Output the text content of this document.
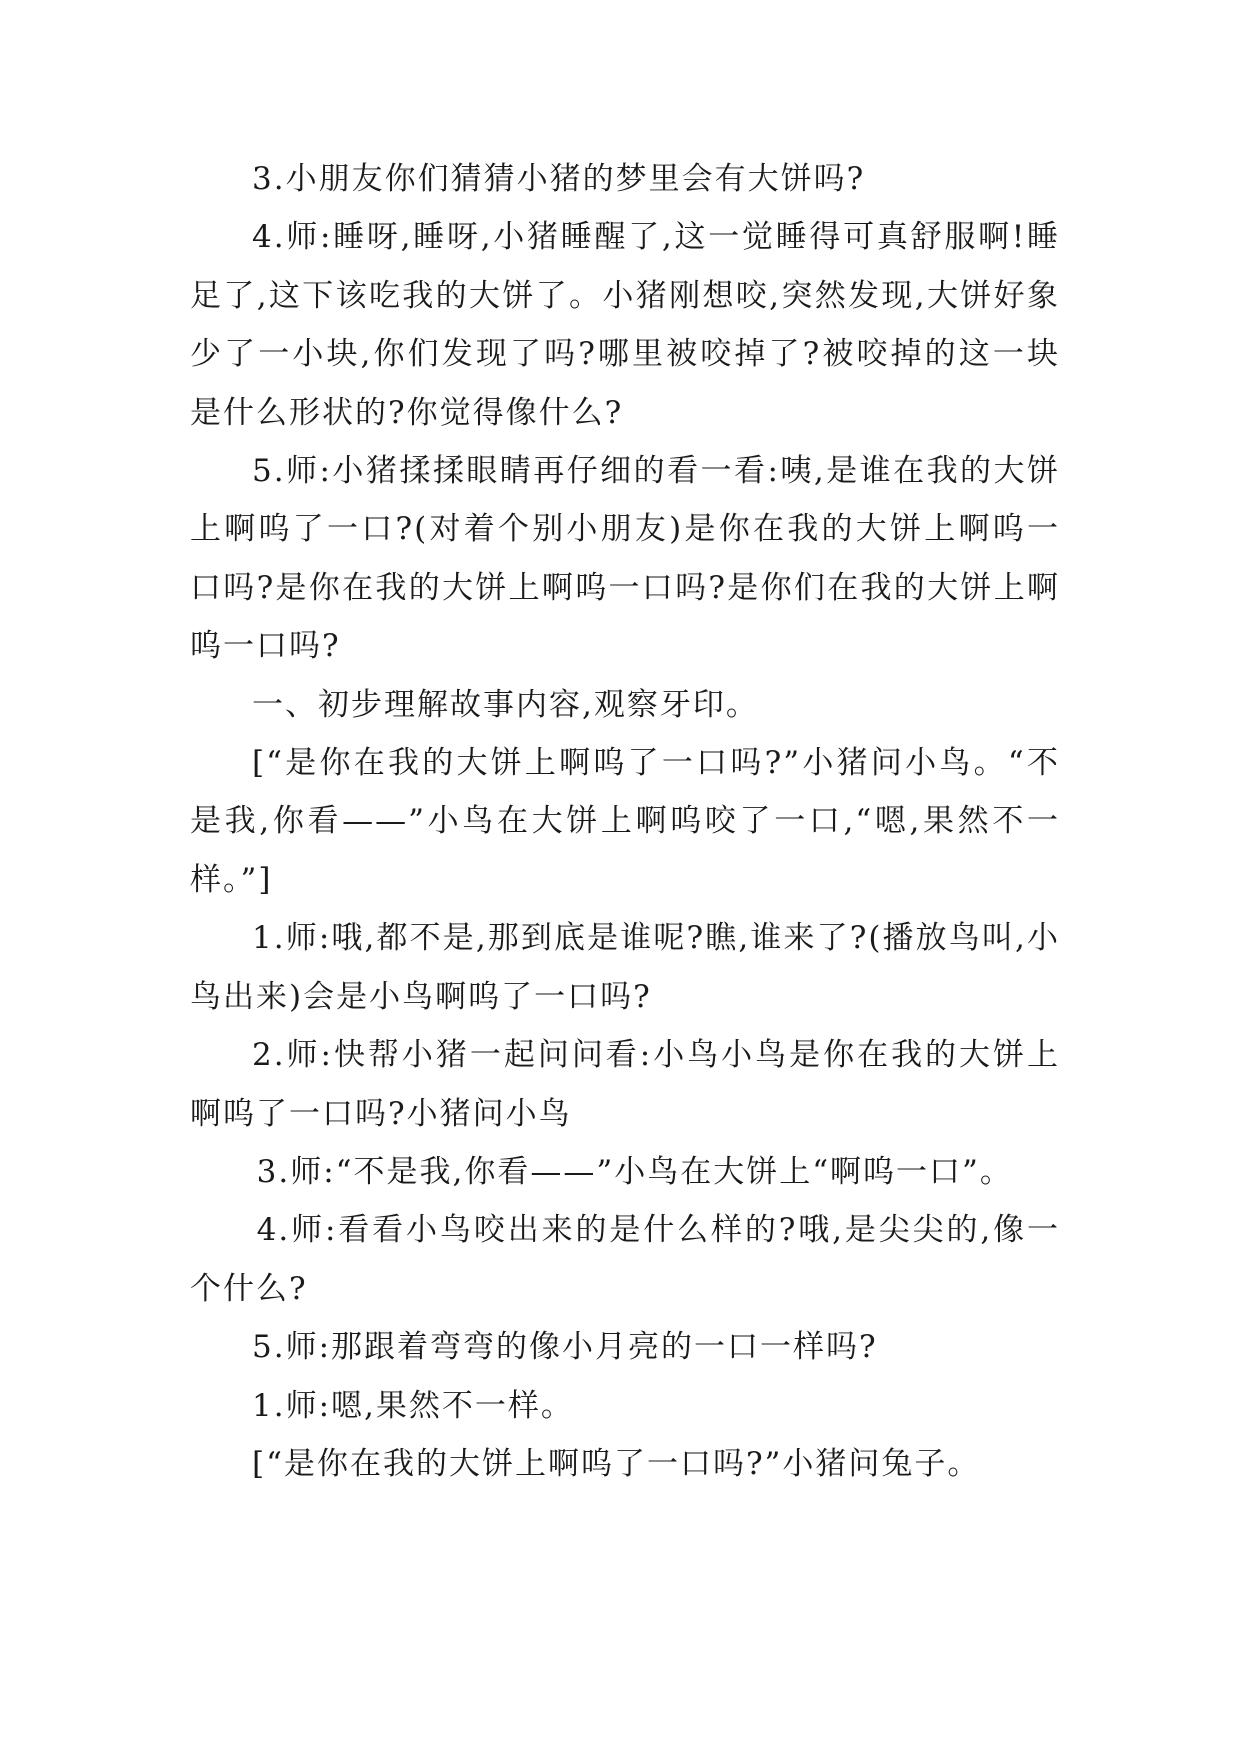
3.小朋友你们猜猜小猪的梦里会有大饼吗?

4.师:睡呀,睡呀,小猪睡醒了,这一觉睡得可真舒服啊!睡足了,这下该吃我的大饼了。小猪刚想咬,突然发现,大饼好象少了一小块,你们发现了吗?哪里被咬掉了?被咬掉的这一块是什么形状的?你觉得像什么?

5.师:小猪揉揉眼睛再仔细的看一看:咦,是谁在我的大饼上啊呜了一口?(对着个别小朋友)是你在我的大饼上啊呜一口吗?是你在我的大饼上啊呜一口吗?是你们在我的大饼上啊呜一口吗?

一、初步理解故事内容,观察牙印。

[“是你在我的大饼上啊呜了一口吗?”小猪问小鸟。“不是我,你看——”小鸟在大饼上啊呜咬了一口,“嗯,果然不一样。”]

1.师:哦,都不是,那到底是谁呢?瞧,谁来了?(播放鸟叫,小鸟出来)会是小鸟啊呜了一口吗?

2.师:快帮小猪一起问问看:小鸟小鸟是你在我的大饼上啊呜了一口吗?小猪问小鸟

3.师:“不是我,你看——”小鸟在大饼上“啊呜一口”。

4.师:看看小鸟咬出来的是什么样的?哦,是尖尖的,像一个什么?

5.师:那跟着弯弯的像小月亮的一口一样吗?

1.师:嗯,果然不一样。

[“是你在我的大饼上啊呜了一口吗?”小猪问兔子。
